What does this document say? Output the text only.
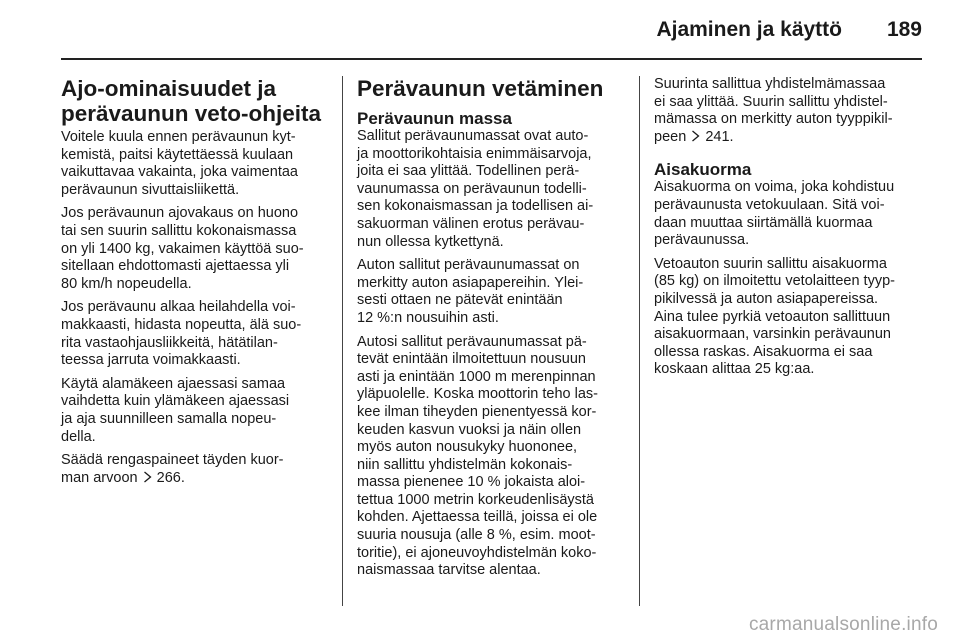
Ajaminen ja käyttö 189
Ajo-ominaisuudet ja
perävaunun veto-ohjeita
Voitele kuula ennen perävaunun kyt-
kemistä, paitsi käytettäessä kuulaan
vaikuttavaa vakainta, joka vaimentaa
perävaunun sivuttaisliikettä.
Jos perävaunun ajovakaus on huono
tai sen suurin sallittu kokonaismassa
on yli 1400 kg, vakaimen käyttöä suo-
sitellaan ehdottomasti ajettaessa yli
80 km/h nopeudella.
Jos perävaunu alkaa heilahdella voi-
makkaasti, hidasta nopeutta, älä suo-
rita vastaohjausliikkeitä, hätätilan-
teessa jarruta voimakkaasti.
Käytä alamäkeen ajaessasi samaa
vaihdetta kuin ylämäkeen ajaessasi
ja aja suunnilleen samalla nopeu-
della.
Säädä rengaspaineet täyden kuor-
man arvoon 266.
Perävaunun vetäminen
Perävaunun massa
Sallitut perävaunumassat ovat auto-
ja moottorikohtaisia enimmäisarvoja,
joita ei saa ylittää. Todellinen perä-
vaunumassa on perävaunun todelli-
sen kokonaismassan ja todellisen ai-
sakuorman välinen erotus perävau-
nun ollessa kytkettynä.
Auton sallitut perävaunumassat on
merkitty auton asiapapereihin. Ylei-
sesti ottaen ne pätevät enintään
12 %:n nousuihin asti.
Autosi sallitut perävaunumassat pä-
tevät enintään ilmoitettuun nousuun
asti ja enintään 1000 m merenpinnan
yläpuolelle. Koska moottorin teho las-
kee ilman tiheyden pienentyessä kor-
keuden kasvun vuoksi ja näin ollen
myös auton nousukyky huononee,
niin sallittu yhdistelmän kokonais-
massa pienenee 10 % jokaista aloi-
tettua 1000 metrin korkeudenlisäystä
kohden. Ajettaessa teillä, joissa ei ole
suuria nousuja (alle 8 %, esim. moot-
toritie), ei ajoneuvoyhdistelmän koko-
naismassaa tarvitse alentaa.
Suurinta sallittua yhdistelmämassaa
ei saa ylittää. Suurin sallittu yhdistel-
mämassa on merkitty auton tyyppikil-
peen 241.
Aisakuorma
Aisakuorma on voima, joka kohdistuu
perävaunusta vetokuulaan. Sitä voi-
daan muuttaa siirtämällä kuormaa
perävaunussa.
Vetoauton suurin sallittu aisakuorma
(85 kg) on ilmoitettu vetolaitteen tyyp-
pikilvessä ja auton asiapapereissa.
Aina tulee pyrkiä vetoauton sallittuun
aisakuormaan, varsinkin perävaunun
ollessa raskas. Aisakuorma ei saa
koskaan alittaa 25 kg:aa.
carmanualsonline.info
